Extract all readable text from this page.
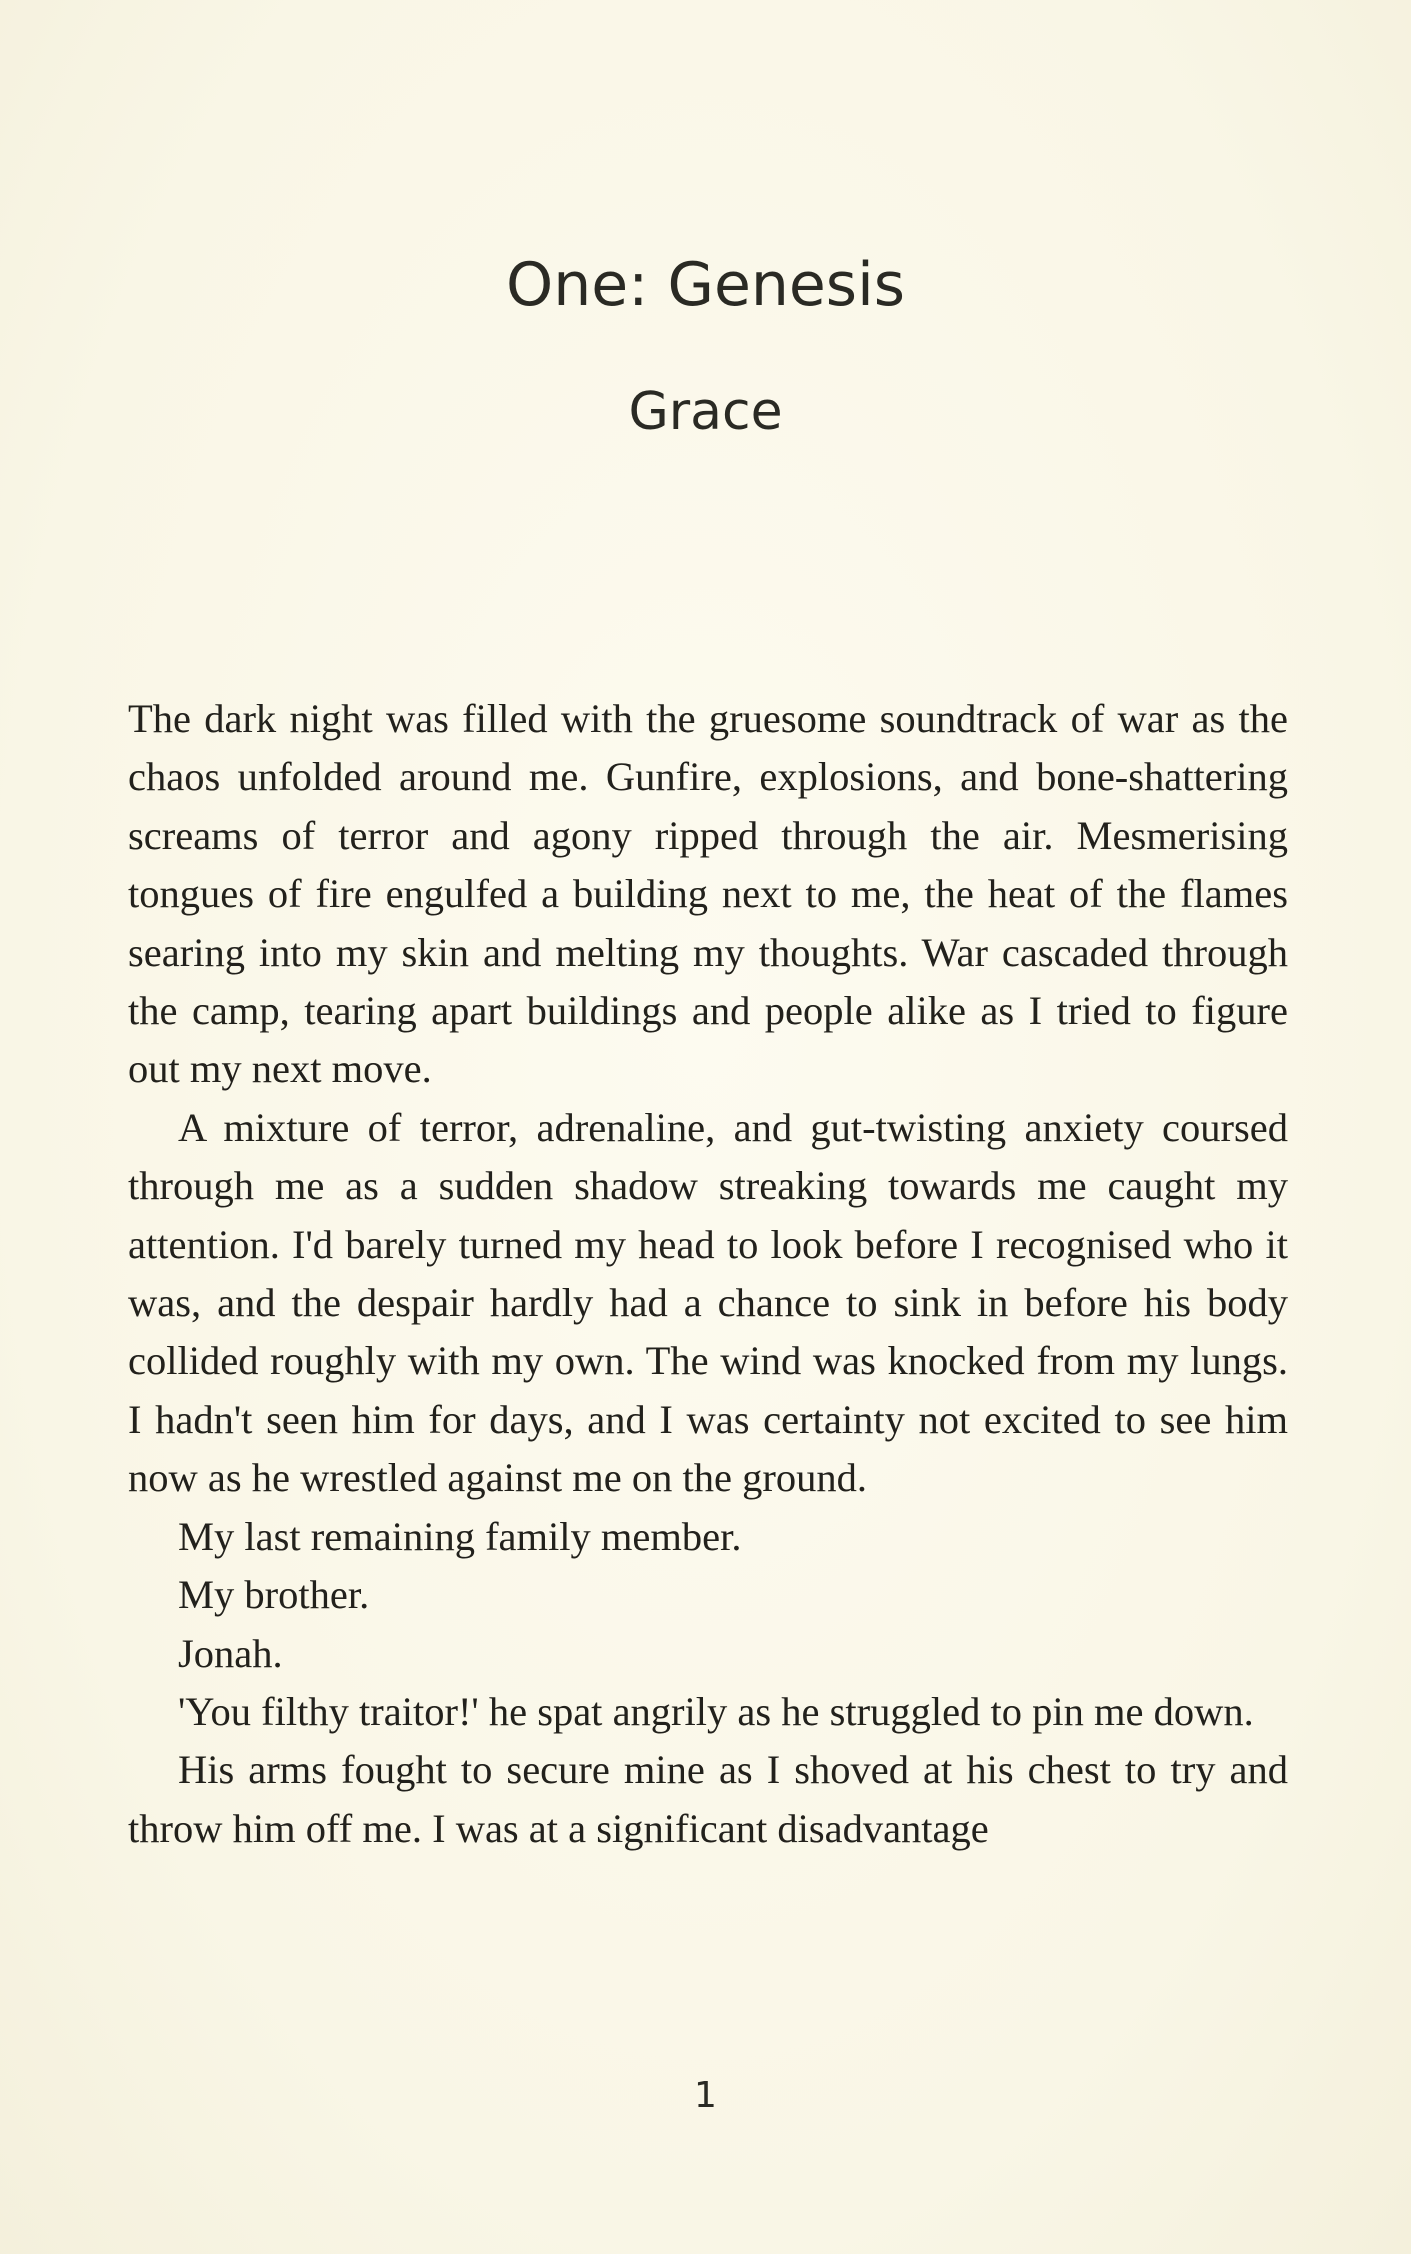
One: Genesis
Grace

The dark night was filled with the gruesome soundtrack of war as the chaos unfolded around me. Gunfire, explosions, and bone-shattering screams of terror and agony ripped through the air. Mesmerising tongues of fire engulfed a building next to me, the heat of the flames searing into my skin and melting my thoughts. War cascaded through the camp, tearing apart buildings and people alike as I tried to figure out my next move.

A mixture of terror, adrenaline, and gut-twisting anxiety coursed through me as a sudden shadow streaking towards me caught my attention. I'd barely turned my head to look before I recognised who it was, and the despair hardly had a chance to sink in before his body collided roughly with my own. The wind was knocked from my lungs. I hadn't seen him for days, and I was certainty not excited to see him now as he wrestled against me on the ground.

My last remaining family member.

My brother.

Jonah.

'You filthy traitor!' he spat angrily as he struggled to pin me down.

His arms fought to secure mine as I shoved at his chest to try and throw him off me. I was at a significant disadvantage

1
